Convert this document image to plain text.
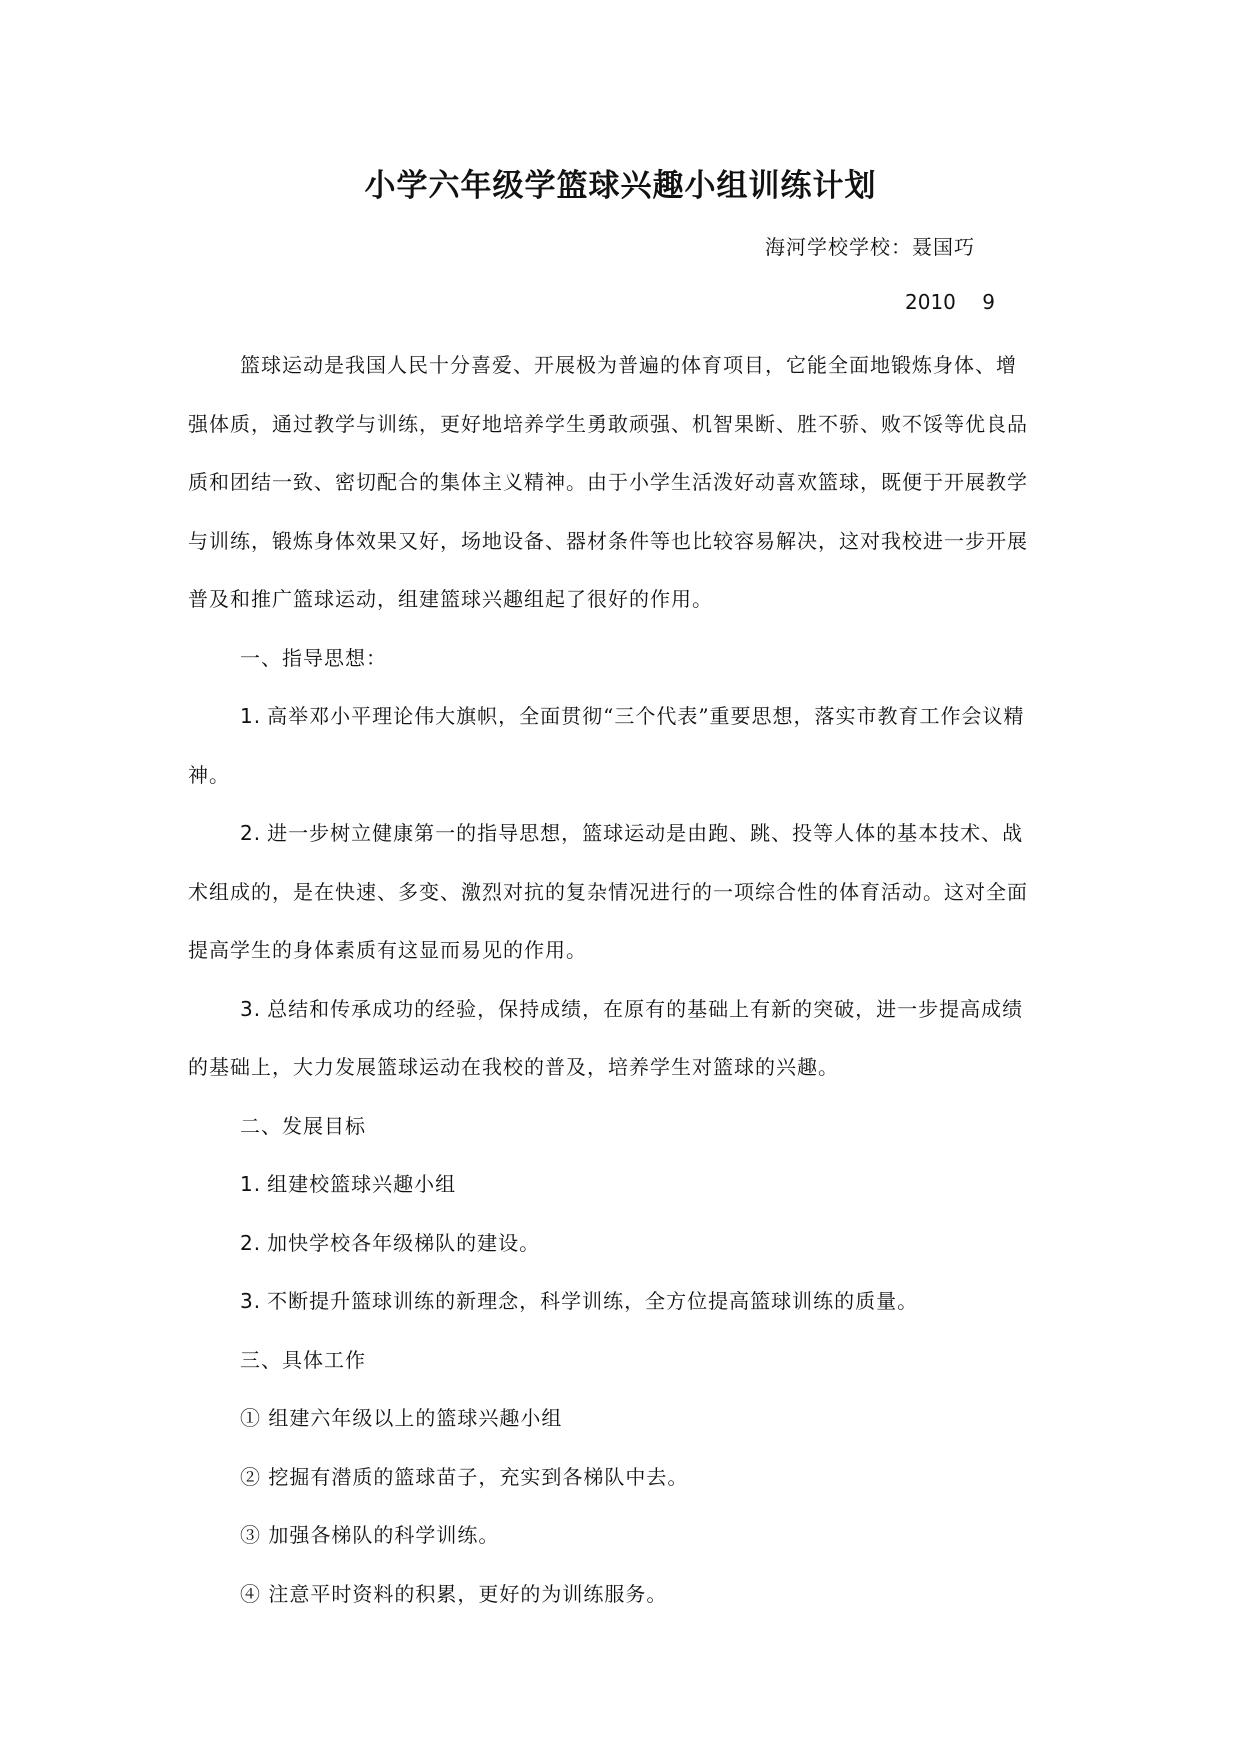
小学六年级学篮球兴趣小组训练计划
海河学校学校：聂国巧
2010 9
篮球运动是我国人民十分喜爱、开展极为普遍的体育项目，它能全面地锻炼身体、增
强体质，通过教学与训练，更好地培养学生勇敢顽强、机智果断、胜不骄、败不馁等优良品
质和团结一致、密切配合的集体主义精神。由于小学生活泼好动喜欢篮球，既便于开展教学
与训练，锻炼身体效果又好，场地设备、器材条件等也比较容易解决，这对我校进一步开展
普及和推广篮球运动，组建篮球兴趣组起了很好的作用。
一、指导思想：
1. 高举邓小平理论伟大旗帜，全面贯彻“三个代表”重要思想，落实市教育工作会议精
神。
2. 进一步树立健康第一的指导思想，篮球运动是由跑、跳、投等人体的基本技术、战
术组成的，是在快速、多变、激烈对抗的复杂情况进行的一项综合性的体育活动。这对全面
提高学生的身体素质有这显而易见的作用。
3. 总结和传承成功的经验，保持成绩，在原有的基础上有新的突破，进一步提高成绩
的基础上，大力发展篮球运动在我校的普及，培养学生对篮球的兴趣。
二、发展目标
1. 组建校篮球兴趣小组
2. 加快学校各年级梯队的建设。
3. 不断提升篮球训练的新理念，科学训练，全方位提高篮球训练的质量。
三、具体工作
① 组建六年级以上的篮球兴趣小组
② 挖掘有潜质的篮球苗子，充实到各梯队中去。
③ 加强各梯队的科学训练。
④ 注意平时资料的积累，更好的为训练服务。
